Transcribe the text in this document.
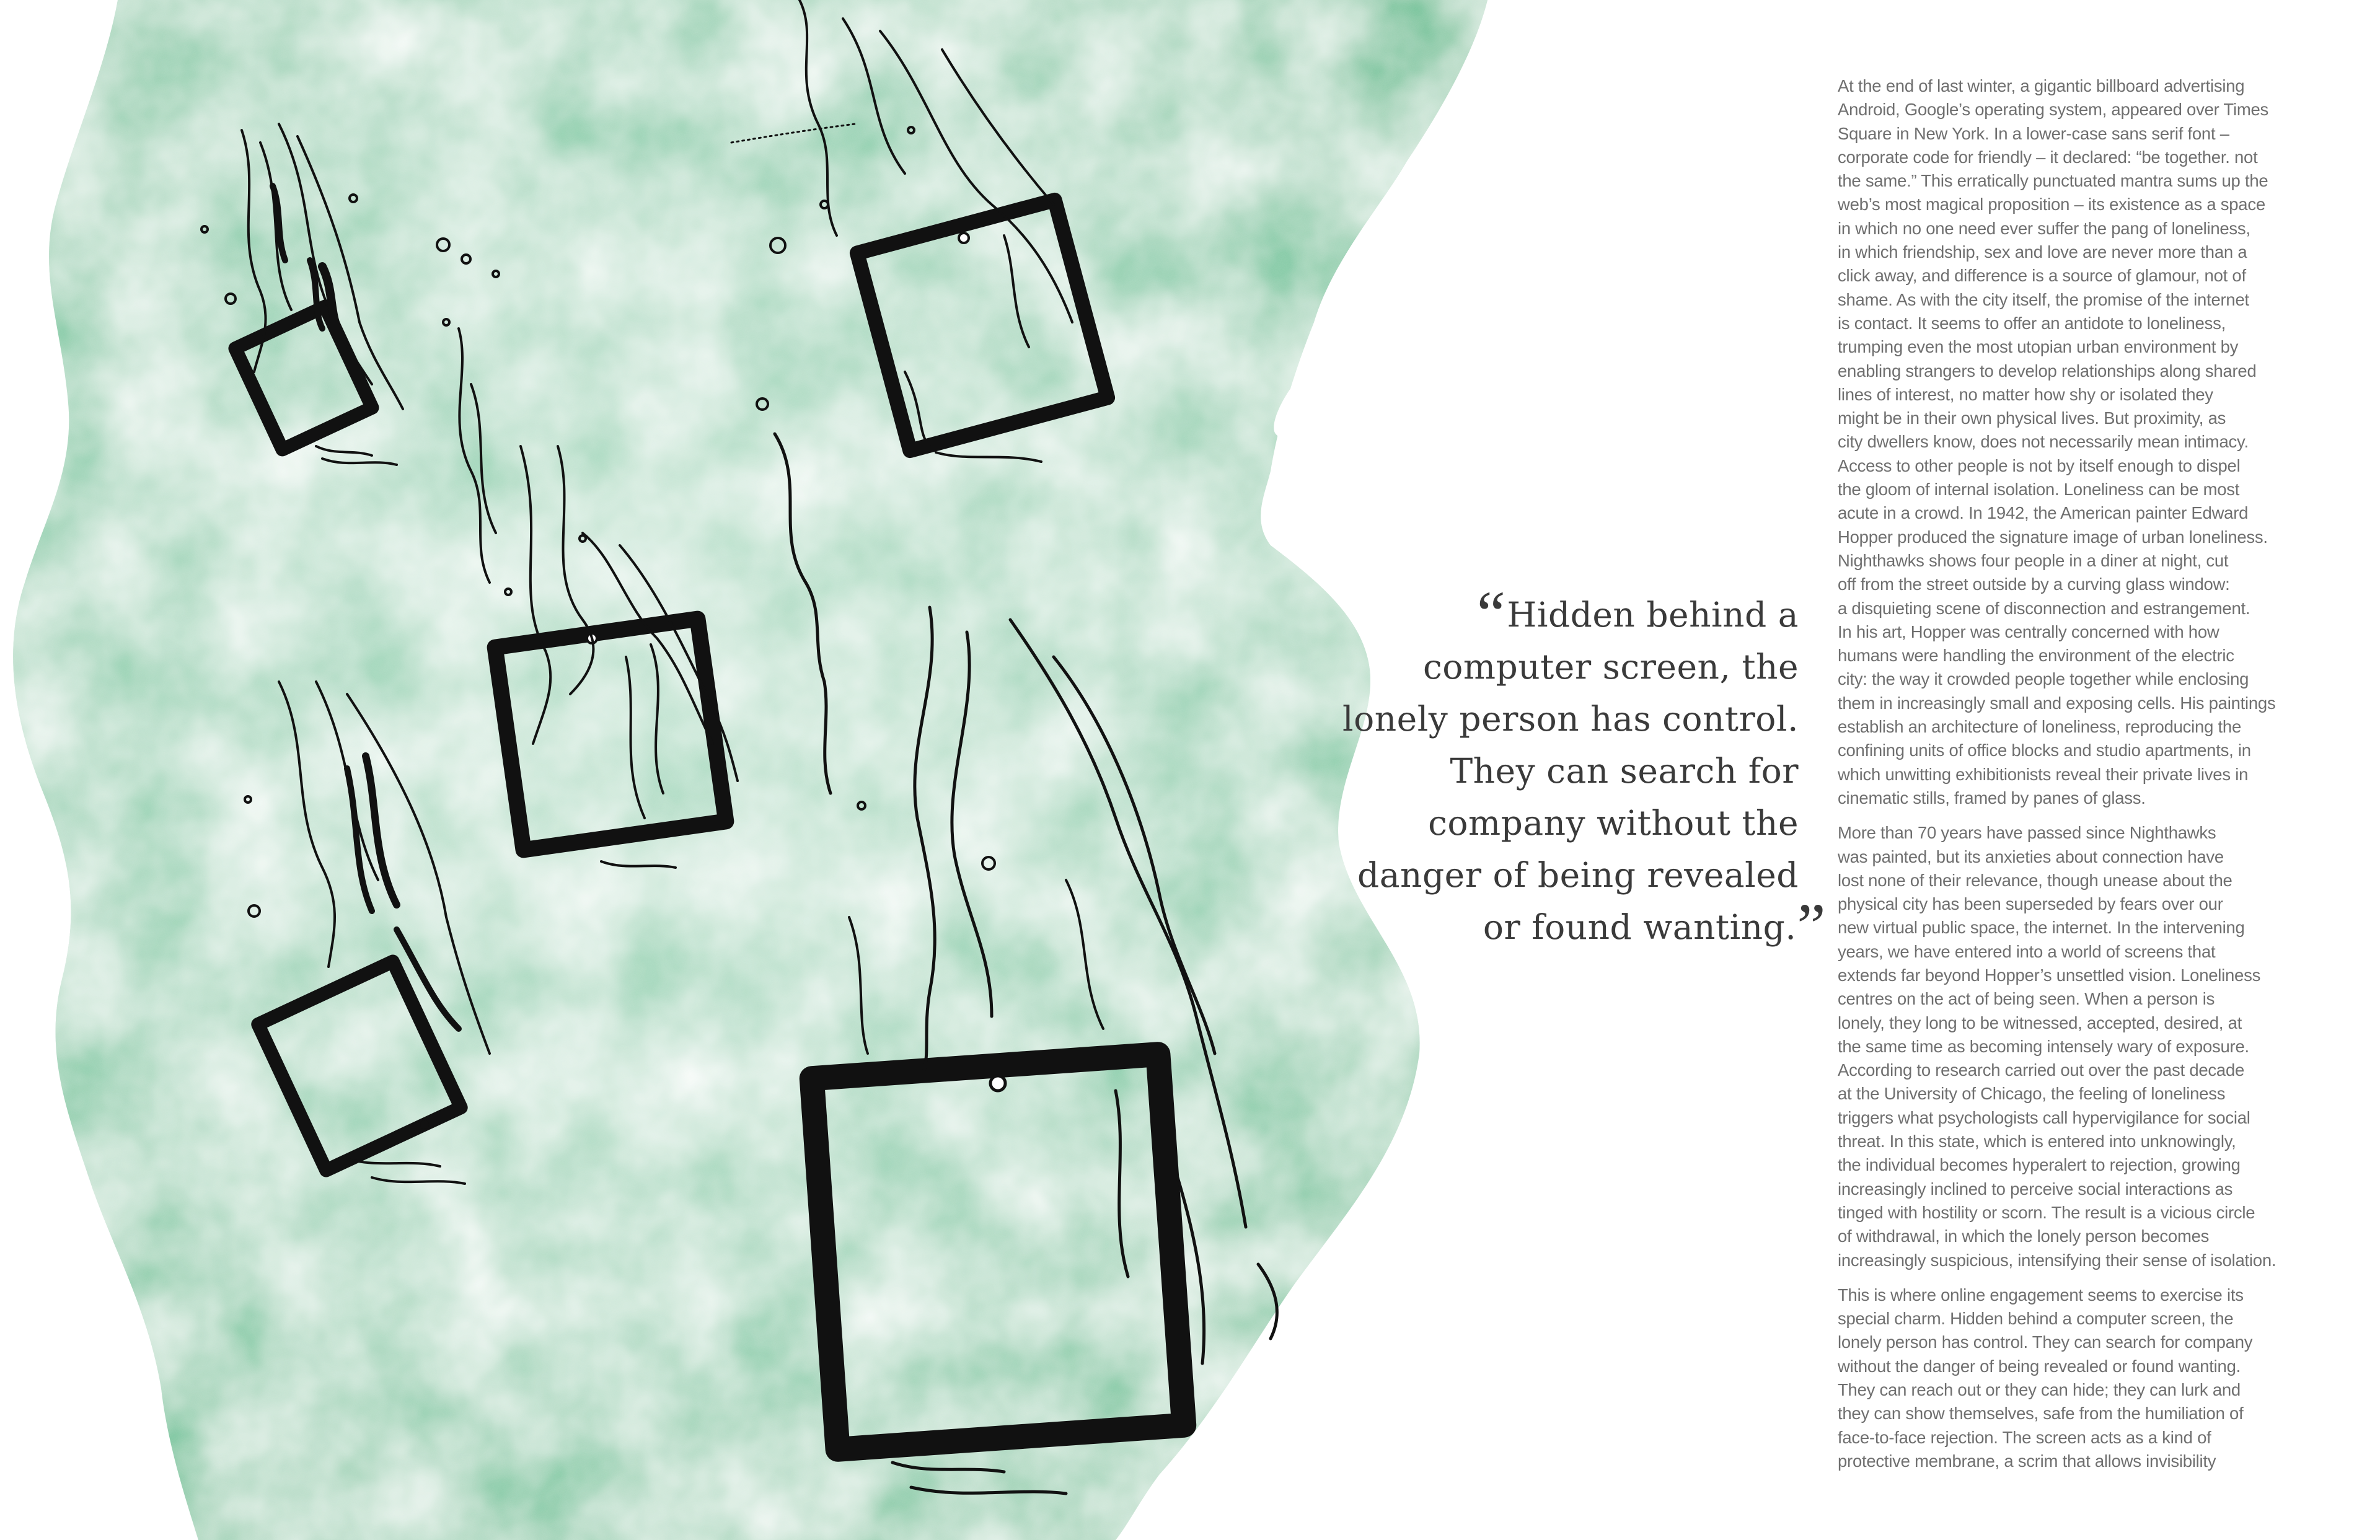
“Hidden behind a
computer screen, the
lonely person has control.
They can search for
company without the
danger of being revealed
or found wanting.”

At the end of last winter, a gigantic billboard advertising
Android, Google’s operating system, appeared over Times
Square in New York. In a lower-case sans serif font –
corporate code for friendly – it declared: “be together. not
the same.” This erratically punctuated mantra sums up the
web’s most magical proposition – its existence as a space
in which no one need ever suffer the pang of loneliness,
in which friendship, sex and love are never more than a
click away, and difference is a source of glamour, not of
shame. As with the city itself, the promise of the internet
is contact. It seems to offer an antidote to loneliness,
trumping even the most utopian urban environment by
enabling strangers to develop relationships along shared
lines of interest, no matter how shy or isolated they
might be in their own physical lives. But proximity, as
city dwellers know, does not necessarily mean intimacy.
Access to other people is not by itself enough to dispel
the gloom of internal isolation. Loneliness can be most
acute in a crowd. In 1942, the American painter Edward
Hopper produced the signature image of urban loneliness.
Nighthawks shows four people in a diner at night, cut
off from the street outside by a curving glass window:
a disquieting scene of disconnection and estrangement.
In his art, Hopper was centrally concerned with how
humans were handling the environment of the electric
city: the way it crowded people together while enclosing
them in increasingly small and exposing cells. His paintings
establish an architecture of loneliness, reproducing the
confining units of office blocks and studio apartments, in
which unwitting exhibitionists reveal their private lives in
cinematic stills, framed by panes of glass.

More than 70 years have passed since Nighthawks
was painted, but its anxieties about connection have
lost none of their relevance, though unease about the
physical city has been superseded by fears over our
new virtual public space, the internet. In the intervening
years, we have entered into a world of screens that
extends far beyond Hopper’s unsettled vision. Loneliness
centres on the act of being seen. When a person is
lonely, they long to be witnessed, accepted, desired, at
the same time as becoming intensely wary of exposure.
According to research carried out over the past decade
at the University of Chicago, the feeling of loneliness
triggers what psychologists call hypervigilance for social
threat. In this state, which is entered into unknowingly,
the individual becomes hyperalert to rejection, growing
increasingly inclined to perceive social interactions as
tinged with hostility or scorn. The result is a vicious circle
of withdrawal, in which the lonely person becomes
increasingly suspicious, intensifying their sense of isolation.

This is where online engagement seems to exercise its
special charm. Hidden behind a computer screen, the
lonely person has control. They can search for company
without the danger of being revealed or found wanting.
They can reach out or they can hide; they can lurk and
they can show themselves, safe from the humiliation of
face-to-face rejection. The screen acts as a kind of
protective membrane, a scrim that allows invisibility
